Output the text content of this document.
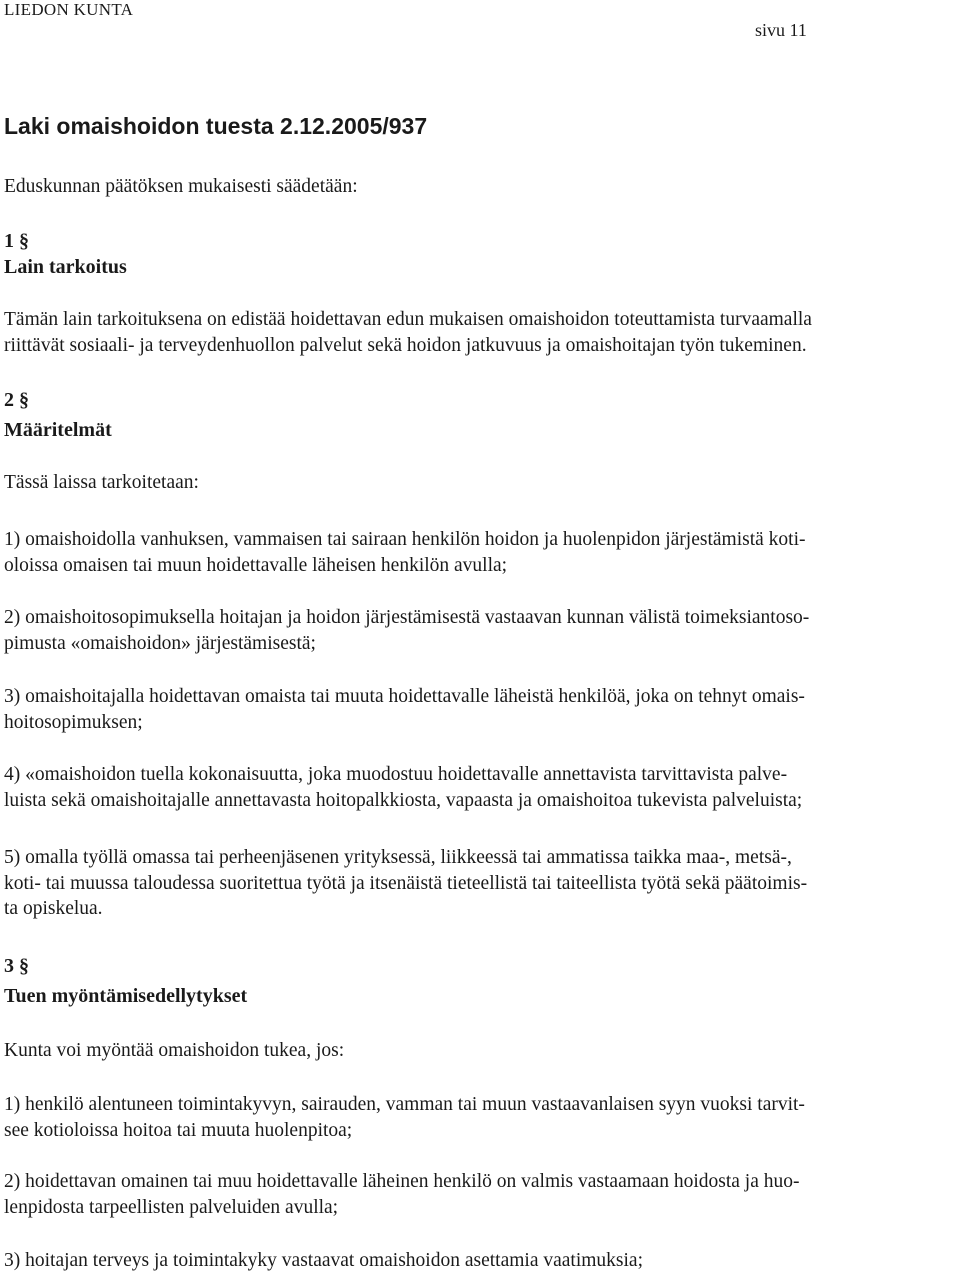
LIEDON KUNTA
sivu 11
Laki omaishoidon tuesta 2.12.2005/937
Eduskunnan päätöksen mukaisesti säädetään:
1 §
Lain tarkoitus
Tämän lain tarkoituksena on edistää hoidettavan edun mukaisen omaishoidon toteuttamista turvaamalla
riittävät sosiaali- ja terveydenhuollon palvelut sekä hoidon jatkuvuus ja omaishoitajan työn tukeminen.
2 §
Määritelmät
Tässä laissa tarkoitetaan:
1) omaishoidolla vanhuksen, vammaisen tai sairaan henkilön hoidon ja huolenpidon järjestämistä koti-
oloissa omaisen tai muun hoidettavalle läheisen henkilön avulla;
2) omaishoitosopimuksella hoitajan ja hoidon järjestämisestä vastaavan kunnan välistä toimeksiantoso-
pimusta «omaishoidon» järjestämisestä;
3) omaishoitajalla hoidettavan omaista tai muuta hoidettavalle läheistä henkilöä, joka on tehnyt omais-
hoitosopimuksen;
4) «omaishoidon tuella kokonaisuutta, joka muodostuu hoidettavalle annettavista tarvittavista palve-
luista sekä omaishoitajalle annettavasta hoitopalkkiosta, vapaasta ja omaishoitoa tukevista palveluista;
5) omalla työllä omassa tai perheenjäsenen yrityksessä, liikkeessä tai ammatissa taikka maa-, metsä-,
koti- tai muussa taloudessa suoritettua työtä ja itsenäistä tieteellistä tai taiteellista työtä sekä päätoimis-
ta opiskelua.
3 §
Tuen myöntämisedellytykset
Kunta voi myöntää omaishoidon tukea, jos:
1) henkilö alentuneen toimintakyvyn, sairauden, vamman tai muun vastaavanlaisen syyn vuoksi tarvit-
see kotioloissa hoitoa tai muuta huolenpitoa;
2) hoidettavan omainen tai muu hoidettavalle läheinen henkilö on valmis vastaamaan hoidosta ja huo-
lenpidosta tarpeellisten palveluiden avulla;
3) hoitajan terveys ja toimintakyky vastaavat omaishoidon asettamia vaatimuksia;
